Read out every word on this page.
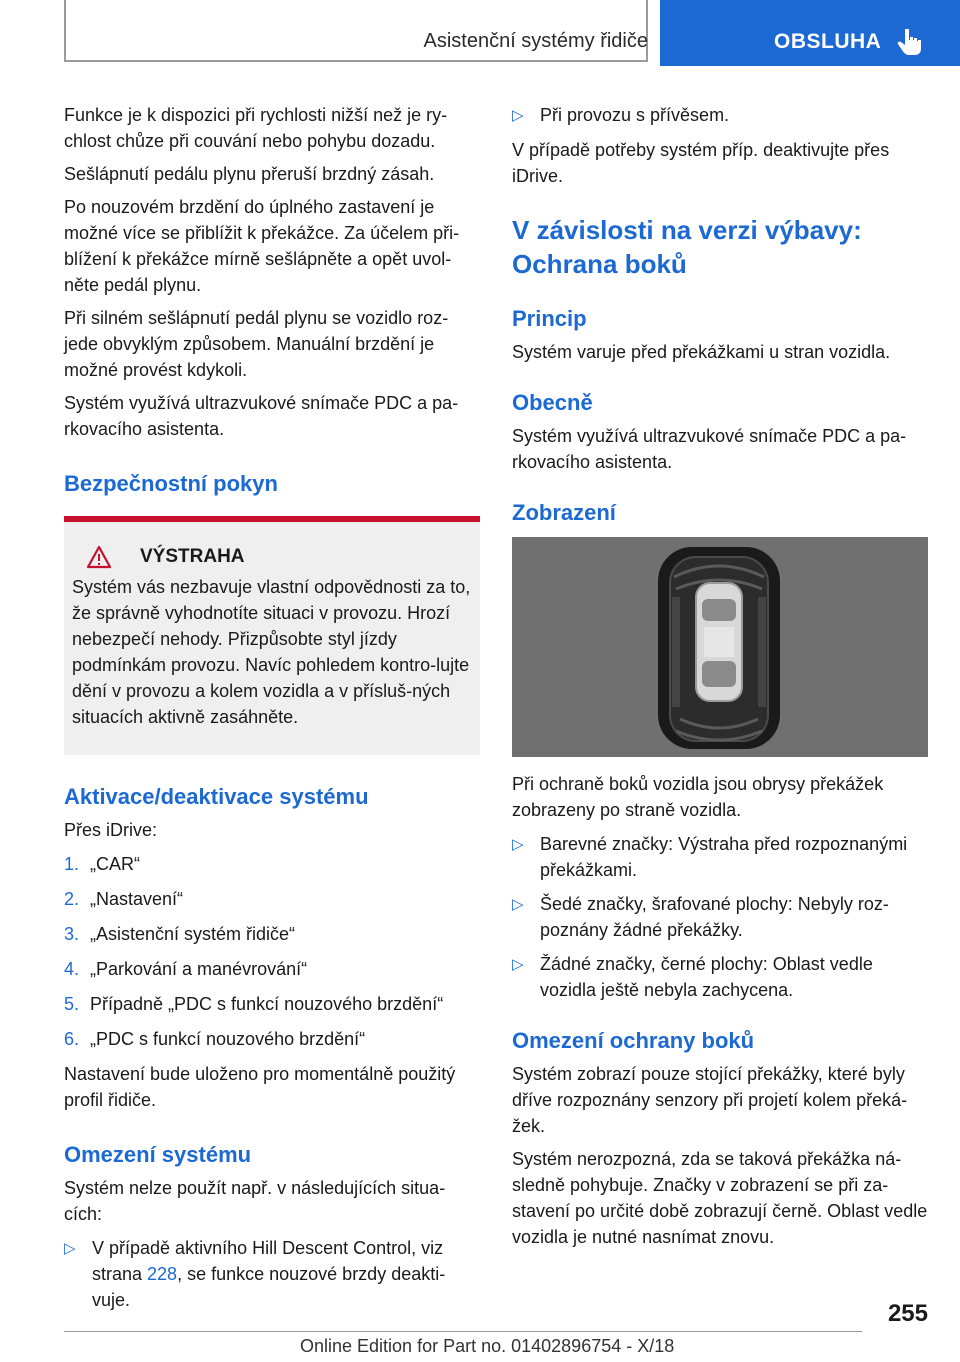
Asistenční systémy řidiče	OBSLUHA

Funkce je k dispozici při rychlosti nižší než je ry‐chlost chůze při couvání nebo pohybu dozadu.

Sešlápnutí pedálu plynu přeruší brzdný zásah.

Po nouzovém brzdění do úplného zastavení je možné více se přiblížit k překážce. Za účelem při‐blížení k překážce mírně sešlápněte a opět uvol‐něte pedál plynu.

Při silném sešlápnutí pedál plynu se vozidlo roz‐jede obvyklým způsobem. Manuální brzdění je možné provést kdykoli.

Systém využívá ultrazvukové snímače PDC a pa‐rkovacího asistenta.

Bezpečnostní pokyn
VÝSTRAHA

Systém vás nezbavuje vlastní odpovědnosti za to, že správně vyhodnotíte situaci v provozu. Hrozí nebezpečí nehody. Přizpůsobte styl jízdy podmínkám provozu. Navíc pohledem kontro‐lujte dění v provozu a kolem vozidla a v přísluš‐ných situacích aktivně zasáhněte.

Aktivace/deaktivace systému

Přes iDrive:

1. „CAR“
2. „Nastavení“
3. „Asistenční systém řidiče“
4. „Parkování a manévrování“
5. Případně „PDC s funkcí nouzového brzdění“
6. „PDC s funkcí nouzového brzdění“

Nastavení bude uloženo pro momentálně použitý profil řidiče.

Omezení systému

Systém nelze použít např. v následujících situa‐cích:

▷ V případě aktivního Hill Descent Control, viz strana 228, se funkce nouzové brzdy deakti‐vuje.
▷ Při provozu s přívěsem.

V případě potřeby systém příp. deaktivujte přes iDrive.

V závislosti na verzi výbavy: Ochrana boků
Princip

Systém varuje před překážkami u stran vozidla.

Obecně

Systém využívá ultrazvukové snímače PDC a pa‐rkovacího asistenta.

Zobrazení

Při ochraně boků vozidla jsou obrysy překážek zobrazeny po straně vozidla.

▷ Barevné značky: Výstraha před rozpoznanými překážkami.
▷ Šedé značky, šrafované plochy: Nebyly roz‐poznány žádné překážky.
▷ Žádné značky, černé plochy: Oblast vedle vozidla ještě nebyla zachycena.
Omezení ochrany boků

Systém zobrazí pouze stojící překážky, které byly dříve rozpoznány senzory při projetí kolem překá‐žek.

Systém nerozpozná, zda se taková překážka ná‐sledně pohybuje. Značky v zobrazení se při za‐stavení po určité době zobrazují černě. Oblast vedle vozidla je nutné nasnímat znovu.

255
Online Edition for Part no. 01402896754 - X/18
